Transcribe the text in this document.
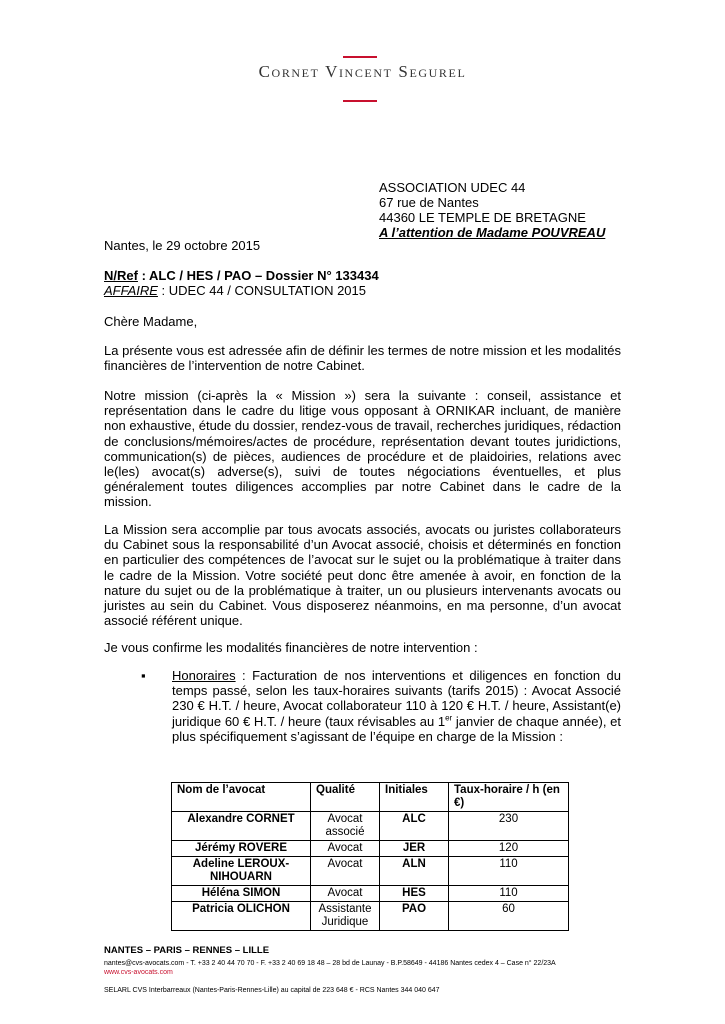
Cornet Vincent Segurel
ASSOCIATION UDEC 44
67 rue de Nantes
44360 LE TEMPLE DE BRETAGNE
A l’attention de Madame POUVREAU
Nantes, le 29 octobre 2015
N/Ref : ALC / HES / PAO – Dossier N° 133434
AFFAIRE : UDEC 44 / CONSULTATION 2015
Chère Madame,
La présente vous est adressée afin de définir les termes de notre mission et les modalités financières de l’intervention de notre Cabinet.
Notre mission (ci-après la « Mission ») sera la suivante : conseil, assistance et représentation dans le cadre du litige vous opposant à ORNIKAR incluant, de manière non exhaustive, étude du dossier, rendez-vous de travail, recherches juridiques, rédaction de conclusions/mémoires/actes de procédure, représentation devant toutes juridictions, communication(s) de pièces, audiences de procédure et de plaidoiries, relations avec le(les) avocat(s) adverse(s), suivi de toutes négociations éventuelles, et plus généralement toutes diligences accomplies par notre Cabinet dans le cadre de la mission.
La Mission sera accomplie par tous avocats associés, avocats ou juristes collaborateurs du Cabinet sous la responsabilité d’un Avocat associé, choisis et déterminés en fonction en particulier des compétences de l’avocat sur le sujet ou la problématique à traiter dans le cadre de la Mission. Votre société peut donc être amenée à avoir, en fonction de la nature du sujet ou de la problématique à traiter, un ou plusieurs intervenants avocats ou juristes au sein du Cabinet. Vous disposerez néanmoins, en ma personne, d’un avocat associé référent unique.
Je vous confirme les modalités financières de notre intervention :
▪ Honoraires : Facturation de nos interventions et diligences en fonction du temps passé, selon les taux-horaires suivants (tarifs 2015) : Avocat Associé 230 € H.T. / heure, Avocat collaborateur 110 à 120 € H.T. / heure, Assistant(e) juridique 60 € H.T. / heure (taux révisables au 1er janvier de chaque année), et plus spécifiquement s’agissant de l’équipe en charge de la Mission :
Nom de l’avocat	Qualité	Initiales	Taux-horaire / h (en €)
Alexandre CORNET	Avocat associé	ALC	230
Jérémy ROVERE	Avocat	JER	120
Adeline LEROUX-NIHOUARN	Avocat	ALN	110
Héléna SIMON	Avocat	HES	110
Patricia OLICHON	Assistante Juridique	PAO	60
NANTES – PARIS – RENNES – LILLE
nantes@cvs-avocats.com - T. +33 2 40 44 70 70 - F. +33 2 40 69 18 48 – 28 bd de Launay - B.P.58649 - 44186 Nantes cedex 4 – Case n° 22/23A
www.cvs-avocats.com
SELARL CVS Interbarreaux (Nantes-Paris-Rennes-Lille) au capital de 223 648 € - RCS Nantes 344 040 647
